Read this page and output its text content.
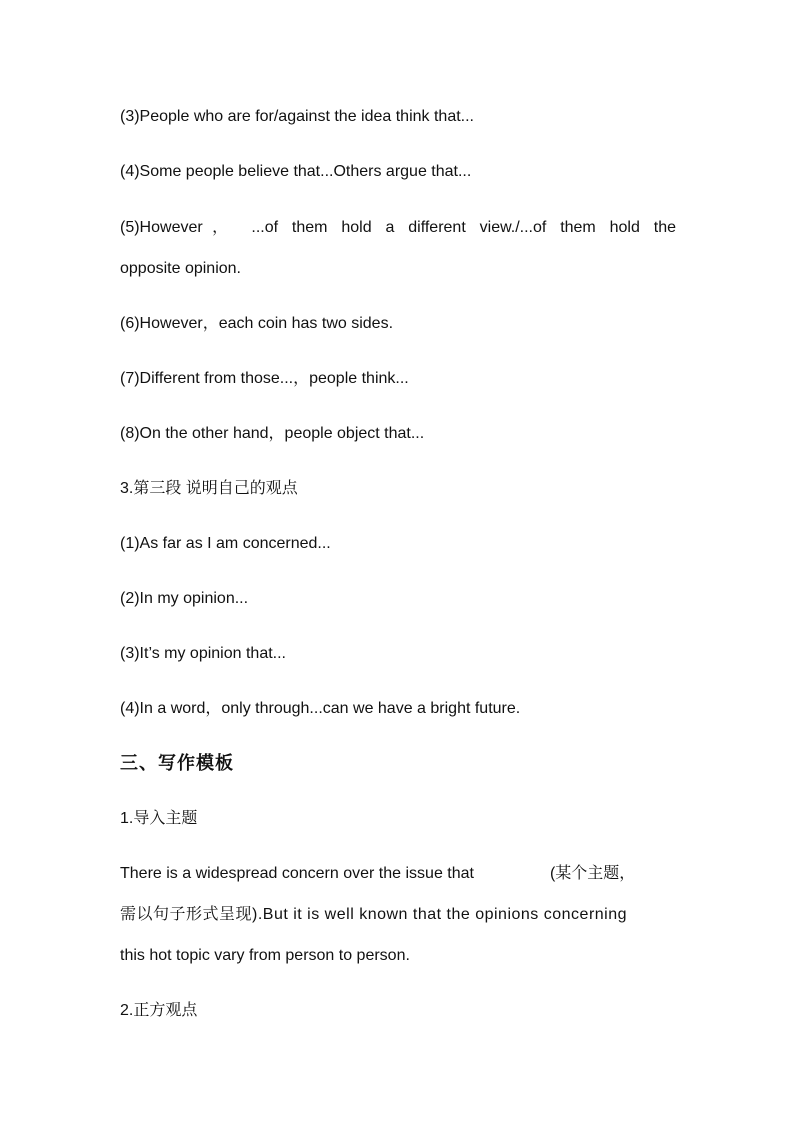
(3)People who are for/against the idea think that...
(4)Some people believe that...Others argue that...
(5)However， ...of them hold a different view./...of them hold the
opposite opinion.
(6)However，each coin has two sides.
(7)Different from those...，people think...
(8)On the other hand，people object that...
3.第三段 说明自己的观点
(1)As far as I am concerned...
(2)In my opinion...
(3)It’s my opinion that...
(4)In a word，only through...can we have a bright future.
三、写作模板
1.导入主题
There is a widespread concern over the issue that	(某个主题，
需以句子形式呈现).But it is well known that the opinions concerning
this hot topic vary from person to person.
2.正方观点
